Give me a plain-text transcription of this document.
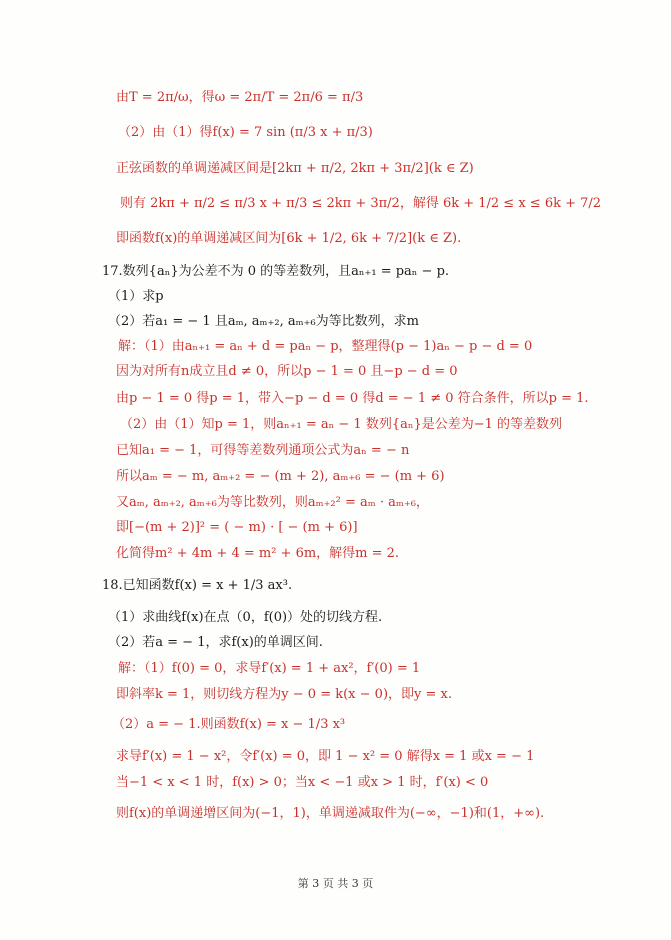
由T = 2π/ω，得ω = 2π/T = 2π/6 = π/3
（2）由（1）得f(x) = 7 sin (π/3 x + π/3)
正弦函数的单调递减区间是[2kπ + π/2, 2kπ + 3π/2](k ∈ Z)
则有 2kπ + π/2 ≤ π/3 x + π/3 ≤ 2kπ + 3π/2，解得 6k + 1/2 ≤ x ≤ 6k + 7/2
即函数f(x)的单调递减区间为[6k + 1/2, 6k + 7/2](k ∈ Z).
17.数列{aₙ}为公差不为 0 的等差数列，且aₙ₊₁ = paₙ − p.
（1）求p
（2）若a₁ = − 1 且aₘ, aₘ₊₂, aₘ₊₆为等比数列，求m
解：（1）由aₙ₊₁ = aₙ + d = paₙ − p，整理得(p − 1)aₙ − p − d = 0
因为对所有n成立且d ≠ 0，所以p − 1 = 0 且−p − d = 0
由p − 1 = 0 得p = 1，带入−p − d = 0 得d = − 1 ≠ 0 符合条件，所以p = 1.
（2）由（1）知p = 1，则aₙ₊₁ = aₙ − 1 数列{aₙ}是公差为−1 的等差数列
已知a₁ = − 1，可得等差数列通项公式为aₙ = − n
所以aₘ = − m, aₘ₊₂ = − (m + 2), aₘ₊₆ = − (m + 6)
又aₘ, aₘ₊₂, aₘ₊₆为等比数列，则aₘ₊₂² = aₘ · aₘ₊₆，
即[−(m + 2)]² = ( − m) · [ − (m + 6)]
化简得m² + 4m + 4 = m² + 6m，解得m = 2.
18.已知函数f(x) = x + 1/3 ax³.
（1）求曲线f(x)在点（0，f(0)）处的切线方程.
（2）若a = − 1，求f(x)的单调区间.
解：（1）f(0) = 0，求导f′(x) = 1 + ax²，f′(0) = 1
即斜率k = 1，则切线方程为y − 0 = k(x − 0)，即y = x.
（2）a = − 1.则函数f(x) = x − 1/3 x³
求导f′(x) = 1 − x²，令f′(x) = 0，即 1 − x² = 0 解得x = 1 或x = − 1
当−1 < x < 1 时，f(x) > 0；当x < −1 或x > 1 时，f′(x) < 0
则f(x)的单调递增区间为(−1，1)，单调递减取件为(−∞，−1)和(1，+∞).
第 3 页 共 3 页
